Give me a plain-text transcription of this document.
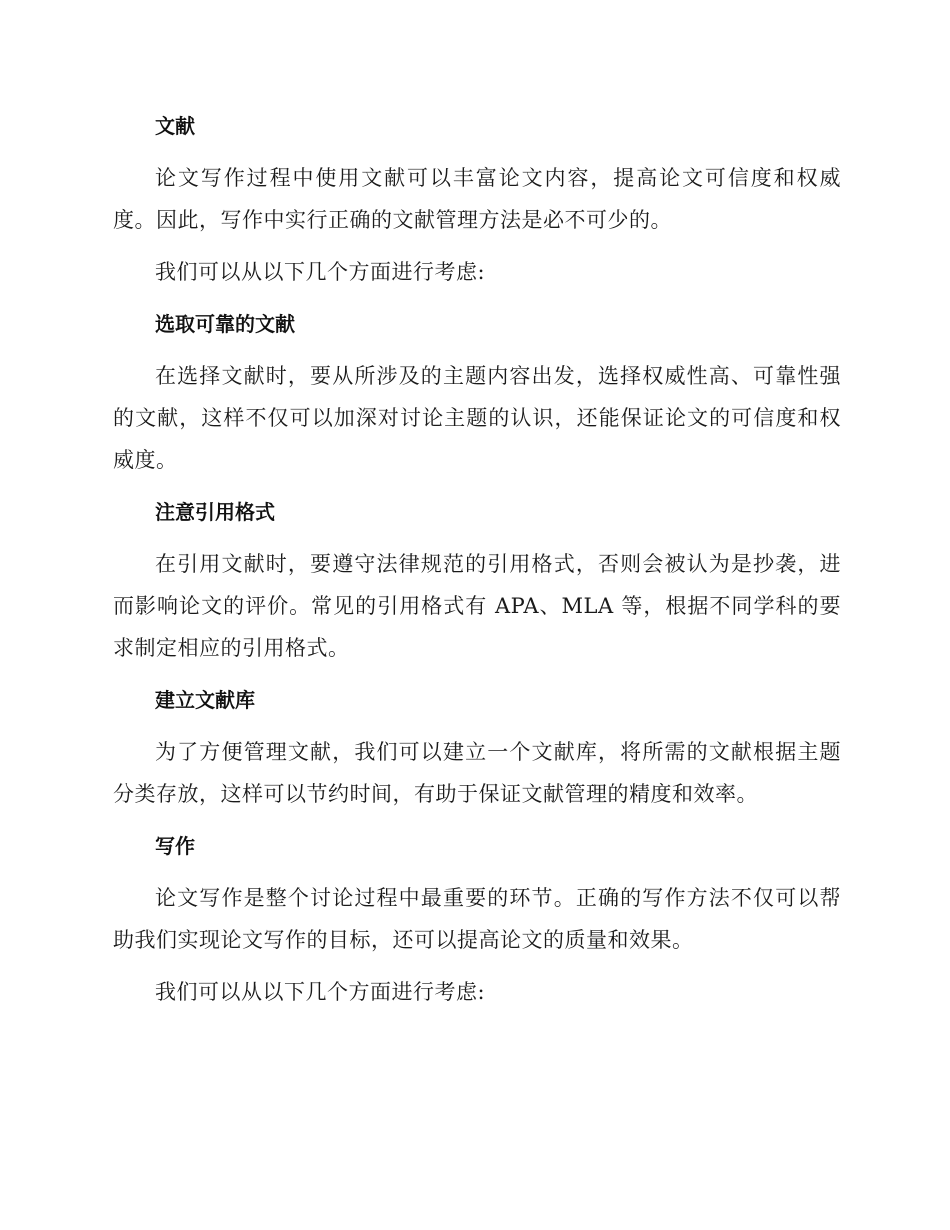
文献

论文写作过程中使用文献可以丰富论文内容，提高论文可信度和权威度。因此，写作中实行正确的文献管理方法是必不可少的。

我们可以从以下几个方面进行考虑:

选取可靠的文献

在选择文献时，要从所涉及的主题内容出发，选择权威性高、可靠性强的文献，这样不仅可以加深对讨论主题的认识，还能保证论文的可信度和权威度。

注意引用格式

在引用文献时，要遵守法律规范的引用格式，否则会被认为是抄袭，进而影响论文的评价。常见的引用格式有 APA、MLA 等，根据不同学科的要求制定相应的引用格式。

建立文献库

为了方便管理文献，我们可以建立一个文献库，将所需的文献根据主题分类存放，这样可以节约时间，有助于保证文献管理的精度和效率。

写作

论文写作是整个讨论过程中最重要的环节。正确的写作方法不仅可以帮助我们实现论文写作的目标，还可以提高论文的质量和效果。

我们可以从以下几个方面进行考虑:
